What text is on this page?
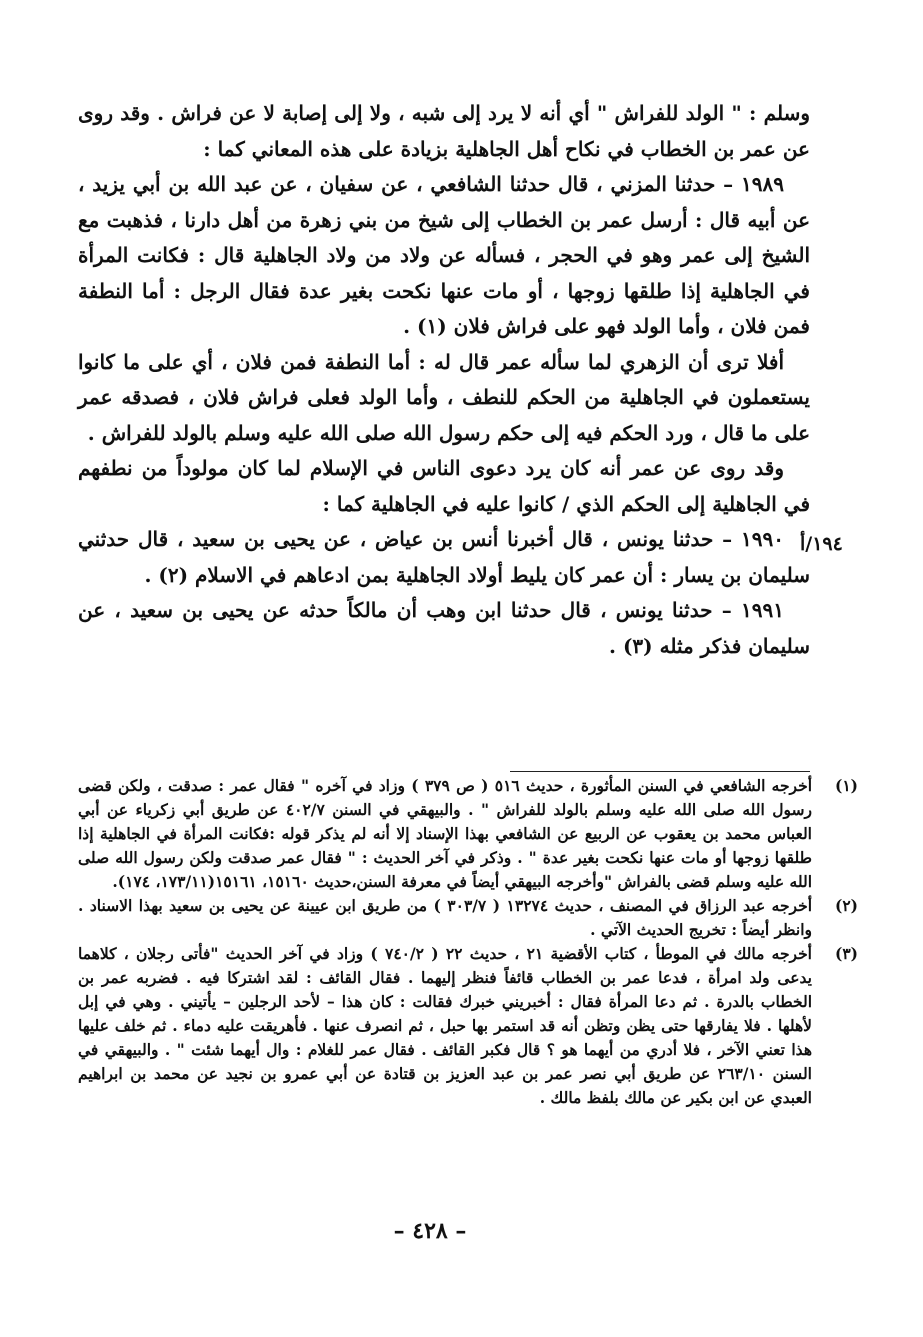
وسلم : " الولد للفراش " أي أنه لا يرد إلى شبه ، ولا إلى إصابة لا عن فراش . وقد روى عن عمر بن الخطاب في نكاح أهل الجاهلية بزيادة على هذه المعاني كما :

١٩٨٩ – حدثنا المزني ، قال حدثنا الشافعي ، عن سفيان ، عن عبد الله بن أبي يزيد ، عن أبيه قال : أرسل عمر بن الخطاب إلى شيخ من بني زهرة من أهل دارنا ، فذهبت مع الشيخ إلى عمر وهو في الحجر ، فسأله عن ولاد من ولاد الجاهلية قال : فكانت المرأة في الجاهلية إذا طلقها زوجها ، أو مات عنها نكحت بغير عدة فقال الرجل : أما النطفة فمن فلان ، وأما الولد فهو على فراش فلان (١) .

أفلا ترى أن الزهري لما سأله عمر قال له : أما النطفة فمن فلان ، أي على ما كانوا يستعملون في الجاهلية من الحكم للنطف ، وأما الولد فعلى فراش فلان ، فصدقه عمر على ما قال ، ورد الحكم فيه إلى حكم رسول الله صلى الله عليه وسلم بالولد للفراش .

وقد روى عن عمر أنه كان يرد دعوى الناس في الإسلام لما كان مولوداً من نطفهم في الجاهلية إلى الحكم الذي / كانوا عليه في الجاهلية كما :

١٩٩٠ – حدثنا يونس ، قال أخبرنا أنس بن عياض ، عن يحيى بن سعيد ، قال حدثني سليمان بن يسار : أن عمر كان يليط أولاد الجاهلية بمن ادعاهم في الاسلام (٢) .

١٩٩١ – حدثنا يونس ، قال حدثنا ابن وهب أن مالكاً حدثه عن يحيى بن سعيد ، عن سليمان فذكر مثله (٣) .

١٩٤/أ
(١)
أخرجه الشافعي في السنن المأثورة ، حديث ٥١٦ ( ص ٣٧٩ ) وزاد في آخره " فقال عمر : صدقت ، ولكن قضى رسول الله صلى الله عليه وسلم بالولد للفراش " . والبيهقي في السنن ٤٠٢/٧ عن طريق أبي زكرياء عن أبي العباس محمد بن يعقوب عن الربيع عن الشافعي بهذا الإسناد إلا أنه لم يذكر قوله :فكانت المرأة في الجاهلية إذا طلقها زوجها أو مات عنها نكحت بغير عدة " . وذكر في آخر الحديث : " فقال عمر صدقت ولكن رسول الله صلى الله عليه وسلم قضى بالفراش "وأخرجه البيهقي أيضاً في معرفة السنن،حديث ١٥١٦٠، ١٥١٦١(١٧٣/١١، ١٧٤).
(٢)
أخرجه عبد الرزاق في المصنف ، حديث ١٣٢٧٤ ( ٣٠٣/٧ ) من طريق ابن عيينة عن يحيى بن سعيد بهذا الاسناد . وانظر أيضاً : تخريج الحديث الآتي .
(٣)
أخرجه مالك في الموطأ ، كتاب الأقضية ٢١ ، حديث ٢٢ ( ٧٤٠/٢ ) وزاد في آخر الحديث "فأتى رجلان ، كلاهما يدعى ولد امرأة ، فدعا عمر بن الخطاب قائفاً فنظر إليهما . فقال القائف : لقد اشتركا فيه . فضربه عمر بن الخطاب بالدرة . ثم دعا المرأة فقال : أخبريني خبرك فقالت : كان هذا – لأحد الرجلين – يأتيني . وهي في إبل لأهلها . فلا يفارقها حتى يظن وتظن أنه قد استمر بها حبل ، ثم انصرف عنها . فأهريقت عليه دماء . ثم خلف عليها هذا تعني الآخر ، فلا أدري من أيهما هو ؟ قال فكبر القائف . فقال عمر للغلام : وال أيهما شئت " . والبيهقي في السنن ٢٦٣/١٠ عن طريق أبي نصر عمر بن عبد العزيز بن قتادة عن أبي عمرو بن نجيد عن محمد بن ابراهيم العبدي عن ابن بكير عن مالك بلفظ مالك .
– ٤٢٨ –
